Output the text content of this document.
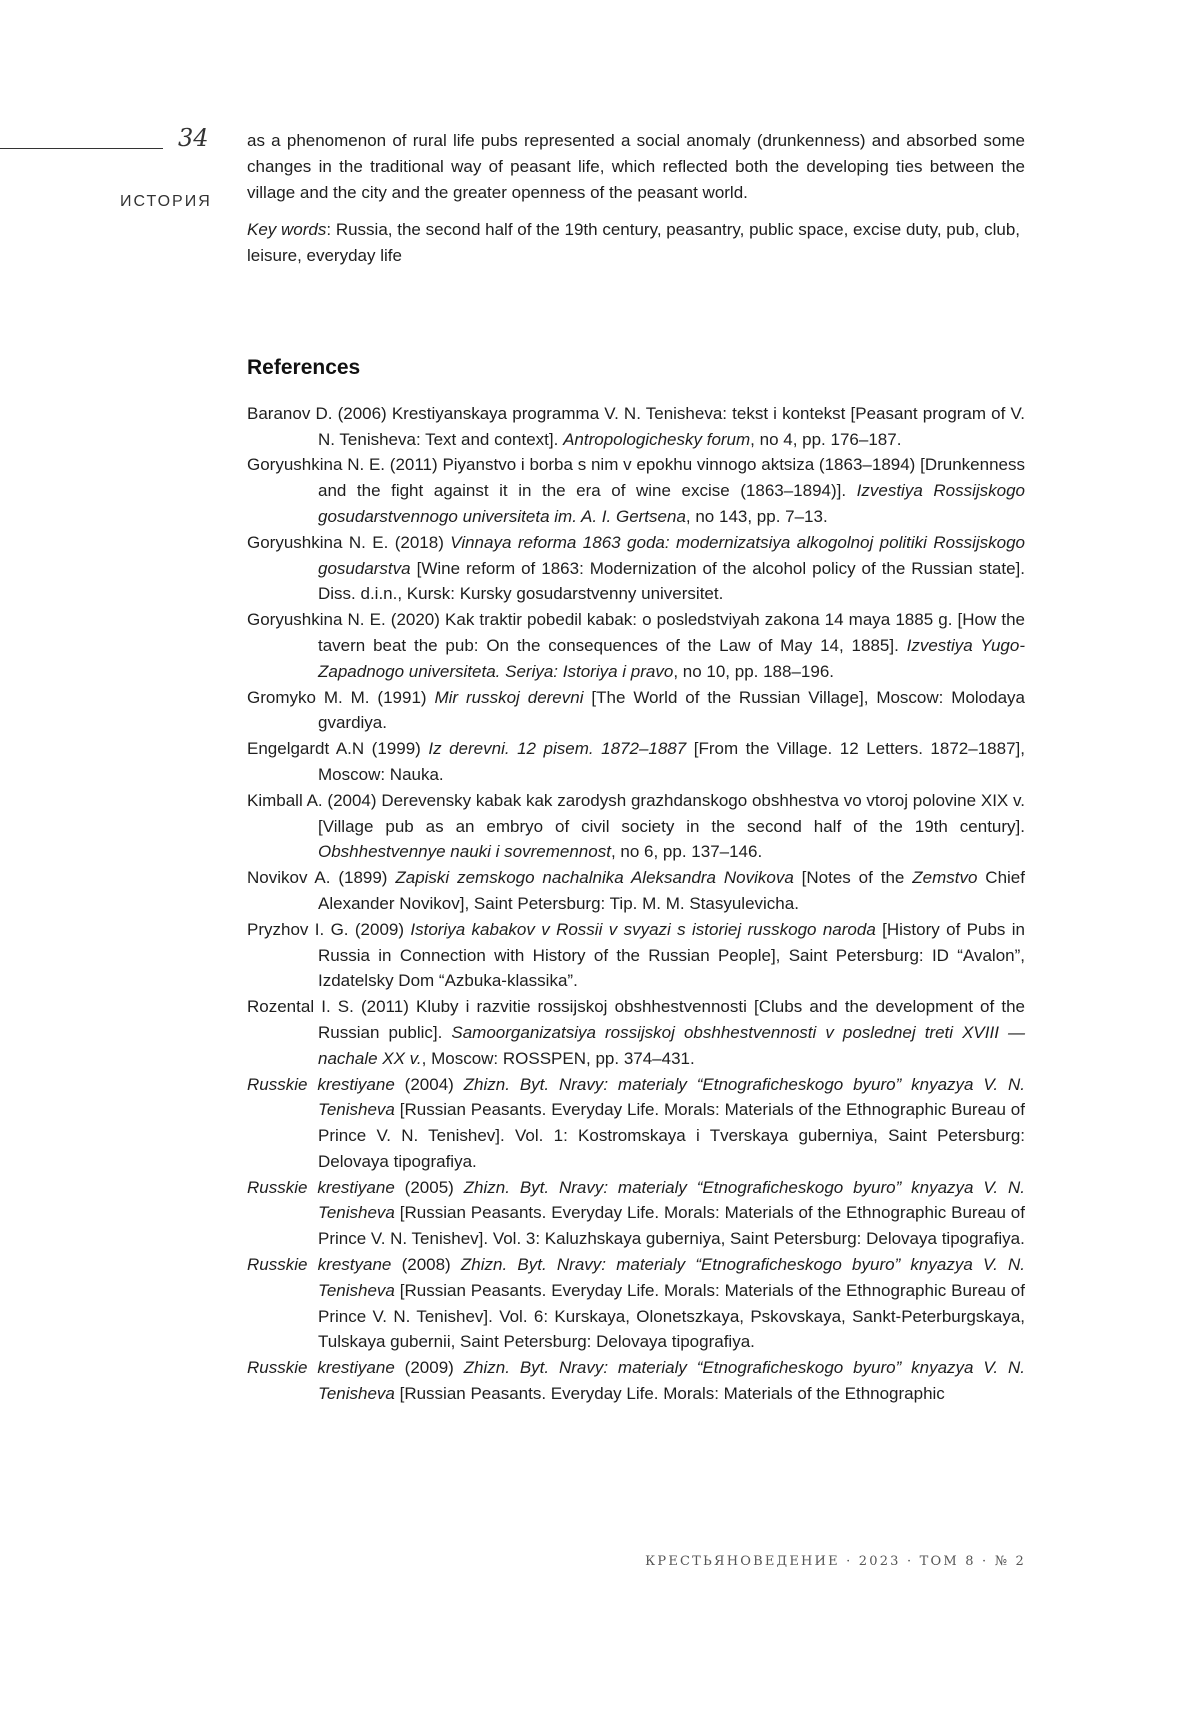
34
ИСТОРИЯ

as a phenomenon of rural life pubs represented a social anomaly (drunkenness) and absorbed some changes in the traditional way of peasant life, which reflected both the developing ties between the village and the city and the greater openness of the peas­ant world.

Key words: Russia, the second half of the 19th century, peasantry, public space, excise duty, pub, club, leisure, everyday life

References

Baranov D. (2006) Krestiyanskaya programma V. N. Tenisheva: tekst i kontekst [Peasant program of V. N. Tenisheva: Text and context]. Antropologichesky forum, no 4, pp. 176–187.

Goryushkina N. E. (2011) Piyanstvo i borba s nim v epokhu vinnogo aktsiza (1863–1894) [Drunkenness and the fight against it in the era of wine excise (1863–1894)]. Izvestiya Rossijskogo gosudarstvennogo universiteta im. A. I. Gertsena, no 143, pp. 7–13.

Goryushkina N. E. (2018) Vinnaya reforma 1863 goda: modernizatsiya alkogolnoj politiki Rossijskogo gosudarstva [Wine reform of 1863: Modernization of the alcohol policy of the Russian state]. Diss. d.i.n., Kursk: Kursky gosudarstvenny universitet.

Goryushkina N. E. (2020) Kak traktir pobedil kabak: o posledstviyah zakona 14 maya 1885 g. [How the tavern beat the pub: On the consequences of the Law of May 14, 1885]. Izvestiya Yugo-Zapadnogo universiteta. Seriya: Istoriya i pravo, no 10, pp. 188–196.

Gromyko M. M. (1991) Mir russkoj derevni [The World of the Russian Village], Moscow: Molodaya gvardiya.

Engelgardt A.N (1999) Iz derevni. 12 pisem. 1872–1887 [From the Village. 12 Letters. 1872–1887], Moscow: Nauka.

Kimball A. (2004) Derevensky kabak kak zarodysh grazhdanskogo obshhestva vo vtoroj polovine XIX v. [Village pub as an embryo of civil society in the second half of the 19th century]. Obshhestvennye nauki i sovremennost, no 6, pp. 137–146.

Novikov A. (1899) Zapiski zemskogo nachalnika Aleksandra Novikova [Notes of the Zemstvo Chief Alexander Novikov], Saint Petersburg: Tip. M. M. Stasyulevicha.

Pryzhov I. G. (2009) Istoriya kabakov v Rossii v svyazi s istoriej russkogo naroda [History of Pubs in Russia in Connection with History of the Russian People], Saint Petersburg: ID “Avalon”, Izdatelsky Dom “Azbuka-klassika”.

Rozental I. S. (2011) Kluby i razvitie rossijskoj obshhestvennosti [Clubs and the development of the Russian public]. Samoorganizatsiya rossijskoj obshhestvennosti v poslednej treti XVIII — nachale XX v., Moscow: ROSSPEN, pp. 374–431.

Russkie krestiyane (2004) Zhizn. Byt. Nravy: materialy “Etnograficheskogo byuro” knyazya V. N. Tenisheva [Russian Peasants. Everyday Life. Morals: Materials of the Ethnographic Bureau of Prince V. N. Tenishev]. Vol. 1: Kostromskaya i Tverskaya guberniya, Saint Petersburg: Delovaya tipografiya.

Russkie krestiyane (2005) Zhizn. Byt. Nravy: materialy “Etnograficheskogo byuro” knyazya V. N. Tenisheva [Russian Peasants. Everyday Life. Morals: Materials of the Ethnographic Bureau of Prince V. N. Tenishev]. Vol. 3: Kaluzhskaya guberniya, Saint Petersburg: Delovaya tipografiya.

Russkie krestyane (2008) Zhizn. Byt. Nravy: materialy “Etnograficheskogo byuro” knyazya V. N. Tenisheva [Russian Peasants. Everyday Life. Morals: Materials of the Ethnographic Bureau of Prince V. N. Tenishev]. Vol. 6: Kurskaya, Olonetszkaya, Pskovskaya, Sankt-Peterburgskaya, Tulskaya gubernii, Saint Petersburg: Delovaya tipografiya.

Russkie krestiyane (2009) Zhizn. Byt. Nravy: materialy “Etnograficheskogo byuro” knyazya V. N. Tenisheva [Russian Peasants. Everyday Life. Morals: Materials of the Ethnographic

КРЕСТЬЯНОВЕДЕНИЕ · 2023 · ТОМ 8 · № 2
